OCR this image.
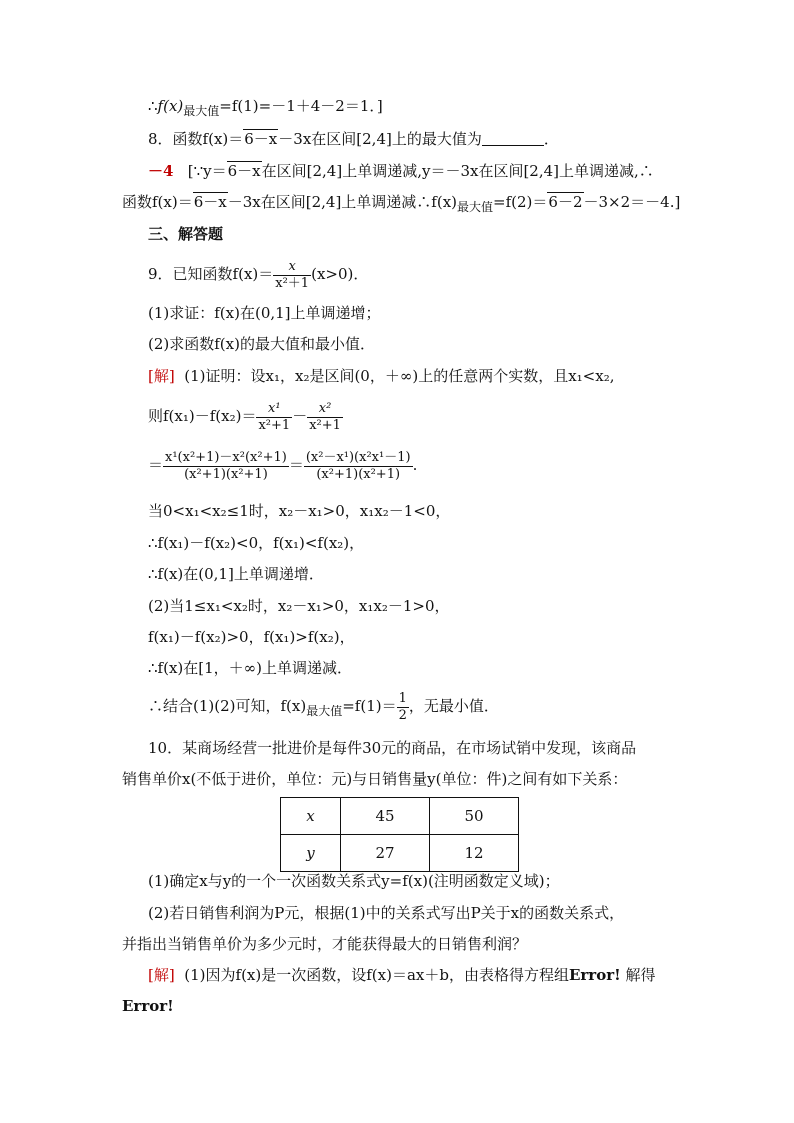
$\therefore f(x)_{最大值}=f(1)=-1+4-2=1$．]
8．函数f(x)＝6－x－3x在区间[2,4]上的最大值为	．
－4 [∵y＝6－x在区间[2,4]上单调递减,y＝－3x在区间[2,4]上单调递减,∴
函数f(x)＝6－x－3x在区间[2,4]上单调递减$\therefore f(x)_{最大值}=f(2)=6-2-3\times 2=-4$.]
三、解答题
9．已知函数$f(x)= \frac{x}{\text{x²＋1}} (x>0)$．
(1)求证：f(x)在(0,1]上单调递增；
(2)求函数f(x)的最大值和最小值．
[解] (1)证明：设x₁，x₂是区间(0，＋∞)上的任意两个实数，且x₁<x₂,
则$f(x_1)-f(x_2)= \frac{\text{x¹}}{\text{x²+1}} - \frac{\text{x²}}{\text{x²+1}}$
＝ $\frac{\text{x¹(x²+1)－x²(x²+1)}}{\text{(x²+1)(x²+1)}} = \frac{\text{(x²－x¹)(x²x¹－1)}}{\text{(x²+1)(x²+1)}}$ .
当0<x₁<x₂≤1时，x₂－x₁>0，x₁x₂－1<0，
∴f(x₁)－f(x₂)<0，f(x₁)<f(x₂)，
∴f(x)在(0,1]上单调递增．
(2)当1≤x₁<x₂时，x₂－x₁>0，x₁x₂－1>0，
f(x₁)－f(x₂)>0，f(x₁)>f(x₂)，
∴f(x)在[1，＋∞)上单调递减．
∴结合(1)(2)可知，$f(x)_{最大值}=f(1)= \frac{1}{2}$ ，无最小值．
10．某商场经营一批进价是每件30元的商品，在市场试销中发现，该商品
销售单价x(不低于进价，单位：元)与日销售量y(单位：件)之间有如下关系：
x	45	50
y	27	12
(1)确定x与y的一个一次函数关系式y=f(x)(注明函数定义域)；
(2)若日销售利润为P元，根据(1)中的关系式写出P关于x的函数关系式，
并指出当销售单价为多少元时，才能获得最大的日销售利润？
[解] (1)因为f(x)是一次函数，设f(x)＝ax＋b，由表格得方程组Error! 解得
Error!
